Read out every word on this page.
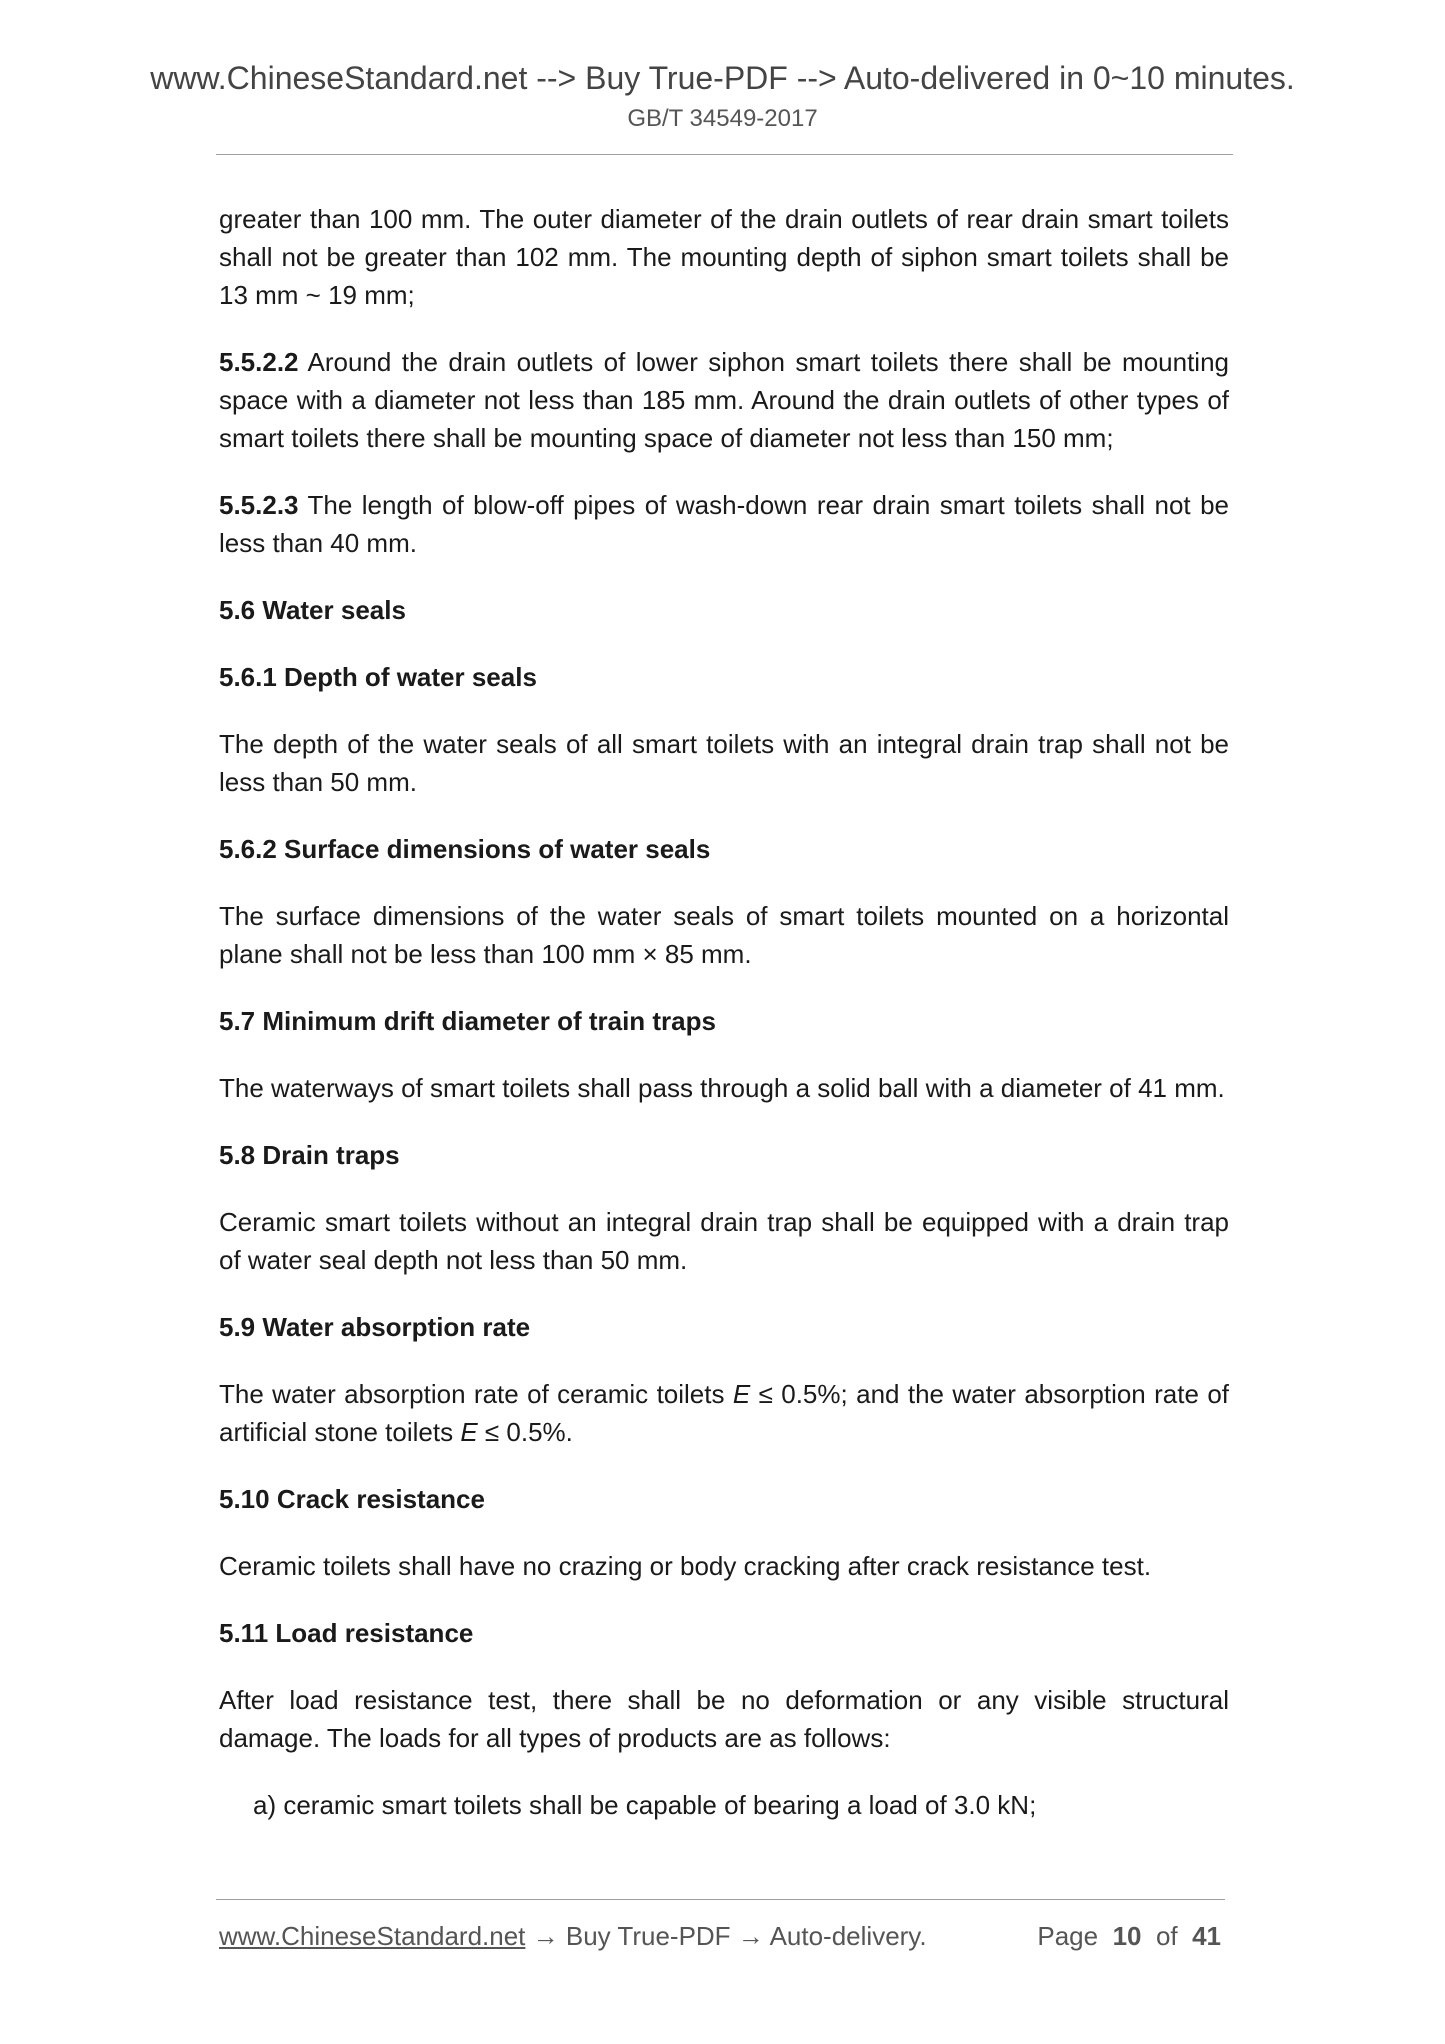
www.ChineseStandard.net --> Buy True-PDF --> Auto-delivered in 0~10 minutes.
GB/T 34549-2017

greater than 100 mm. The outer diameter of the drain outlets of rear drain smart toilets shall not be greater than 102 mm. The mounting depth of siphon smart toilets shall be 13 mm ~ 19 mm;

5.5.2.2 Around the drain outlets of lower siphon smart toilets there shall be mounting space with a diameter not less than 185 mm. Around the drain outlets of other types of smart toilets there shall be mounting space of diameter not less than 150 mm;

5.5.2.3 The length of blow-off pipes of wash-down rear drain smart toilets shall not be less than 40 mm.

5.6 Water seals

5.6.1 Depth of water seals

The depth of the water seals of all smart toilets with an integral drain trap shall not be less than 50 mm.

5.6.2 Surface dimensions of water seals

The surface dimensions of the water seals of smart toilets mounted on a horizontal plane shall not be less than 100 mm × 85 mm.

5.7 Minimum drift diameter of train traps

The waterways of smart toilets shall pass through a solid ball with a diameter of 41 mm.

5.8 Drain traps

Ceramic smart toilets without an integral drain trap shall be equipped with a drain trap of water seal depth not less than 50 mm.

5.9 Water absorption rate

The water absorption rate of ceramic toilets E ≤ 0.5%; and the water absorption rate of artificial stone toilets E ≤ 0.5%.

5.10 Crack resistance

Ceramic toilets shall have no crazing or body cracking after crack resistance test.

5.11 Load resistance

After load resistance test, there shall be no deformation or any visible structural damage. The loads for all types of products are as follows:

a) ceramic smart toilets shall be capable of bearing a load of 3.0 kN;

www.ChineseStandard.net → Buy True-PDF → Auto-delivery.	Page 10 of 41
